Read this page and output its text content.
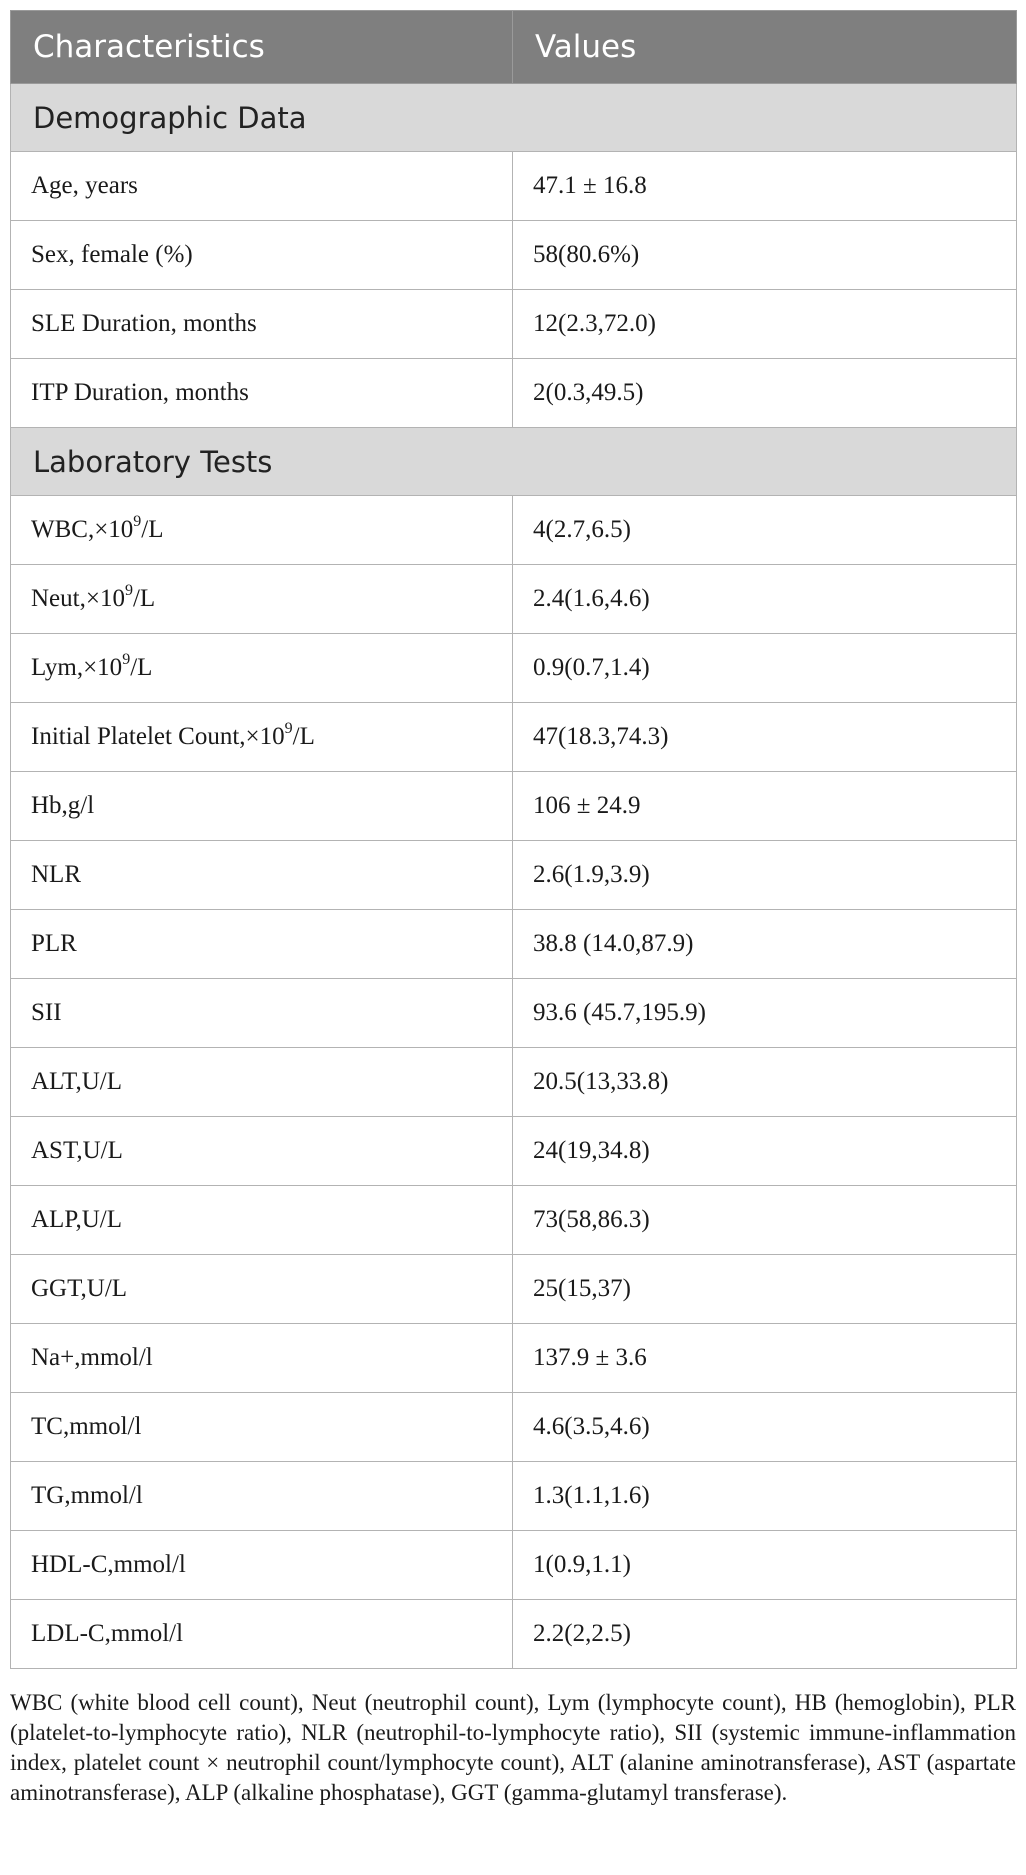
Characteristics	Values
Demographic Data	
Age, years	47.1 ± 16.8
Sex, female (%)	58(80.6%)
SLE Duration, months	12(2.3,72.0)
ITP Duration, months	2(0.3,49.5)
Laboratory Tests	
$WBC,\times 10^9/L$	4(2.7,6.5)
$Neut,\times 10^9/L$	2.4(1.6,4.6)
$Lym,\times 10^9/L$	0.9(0.7,1.4)
Initial Platelet $Count,\times 10^9/L$	47(18.3,74.3)
Hb,g/l	106 ± 24.9
NLR	2.6(1.9,3.9)
PLR	38.8 (14.0,87.9)
SII	93.6 (45.7,195.9)
ALT,U/L	20.5(13,33.8)
AST,U/L	24(19,34.8)
ALP,U/L	73(58,86.3)
GGT,U/L	25(15,37)
Na+,mmol/l	137.9 ± 3.6
TC,mmol/l	4.6(3.5,4.6)
TG,mmol/l	1.3(1.1,1.6)
HDL-C,mmol/l	1(0.9,1.1)
LDL-C,mmol/l	2.2(2,2.5)
WBC (white blood cell count), Neut (neutrophil count), Lym (lymphocyte count), HB (hemoglobin), PLR (platelet-to-lymphocyte ratio), NLR (neutrophil-to-lymphocyte ratio), SII (systemic immune-inflammation index, platelet count × neutrophil count/lymphocyte count), ALT (alanine aminotransferase), AST (aspartate aminotransferase), ALP (alkaline phosphatase), GGT (gamma-glutamyl transferase).
